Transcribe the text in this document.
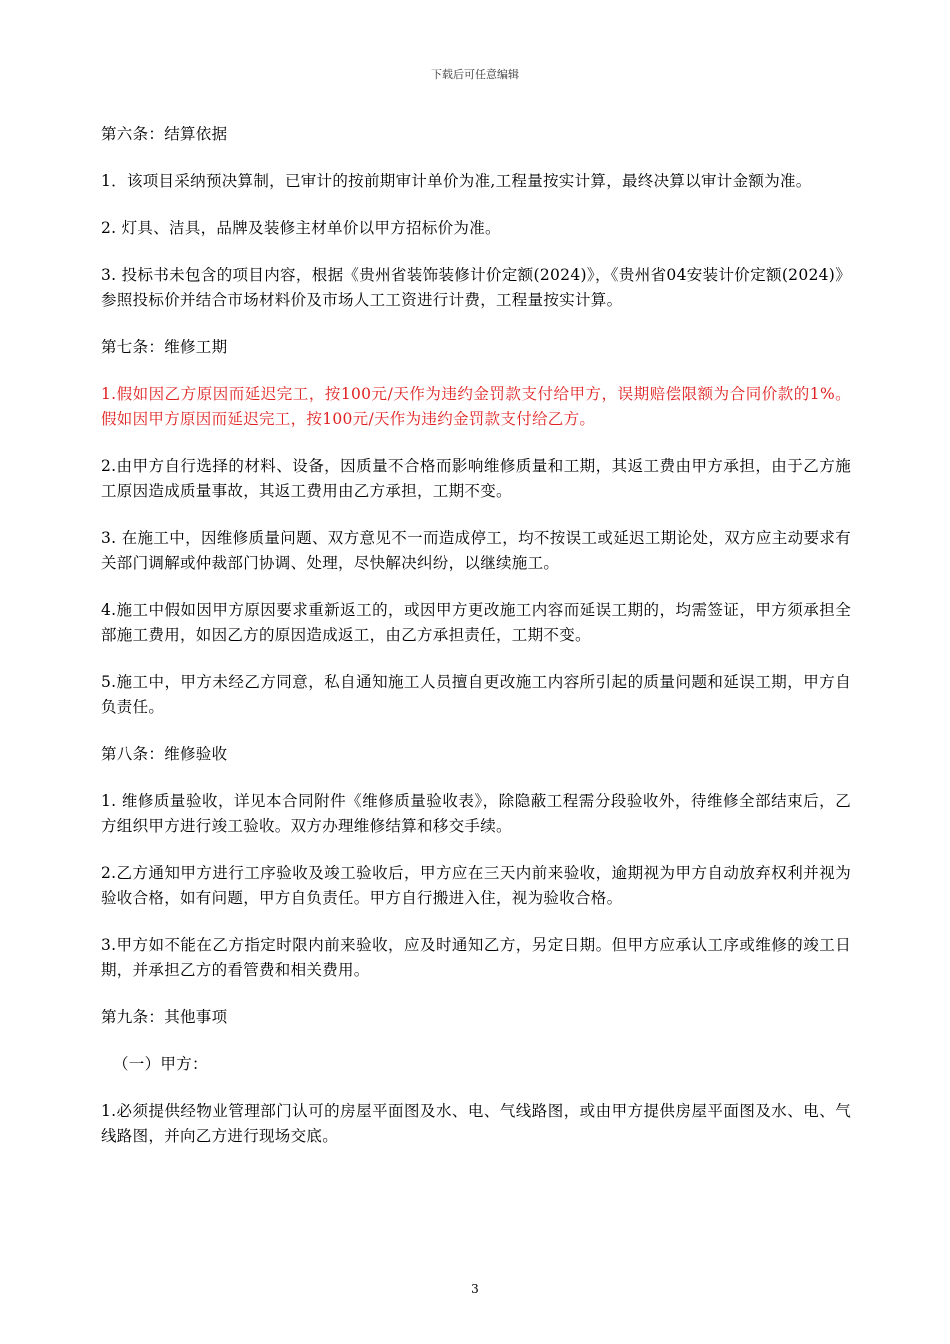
下载后可任意编辑

第六条：结算依据

1．该项目采纳预决算制，已审计的按前期审计单价为准,工程量按实计算，最终决算以审计金额为准。

2. 灯具、洁具，品牌及装修主材单价以甲方招标价为准。

3. 投标书未包含的项目内容，根据《贵州省装饰装修计价定额(2024)》，《贵州省04安装计价定额(2024)》参照投标价并结合市场材料价及市场人工工资进行计费，工程量按实计算。

第七条：维修工期

1.假如因乙方原因而延迟完工，按100元/天作为违约金罚款支付给甲方，误期赔偿限额为合同价款的1%。假如因甲方原因而延迟完工，按100元/天作为违约金罚款支付给乙方。

2.由甲方自行选择的材料、设备，因质量不合格而影响维修质量和工期，其返工费由甲方承担，由于乙方施工原因造成质量事故，其返工费用由乙方承担，工期不变。

3. 在施工中，因维修质量问题、双方意见不一而造成停工，均不按误工或延迟工期论处，双方应主动要求有关部门调解或仲裁部门协调、处理，尽快解决纠纷，以继续施工。

4.施工中假如因甲方原因要求重新返工的，或因甲方更改施工内容而延误工期的，均需签证，甲方须承担全部施工费用，如因乙方的原因造成返工，由乙方承担责任，工期不变。

5.施工中，甲方未经乙方同意，私自通知施工人员擅自更改施工内容所引起的质量问题和延误工期，甲方自负责任。

第八条：维修验收

1. 维修质量验收，详见本合同附件《维修质量验收表》，除隐蔽工程需分段验收外，待维修全部结束后，乙方组织甲方进行竣工验收。双方办理维修结算和移交手续。

2.乙方通知甲方进行工序验收及竣工验收后，甲方应在三天内前来验收，逾期视为甲方自动放弃权利并视为验收合格，如有问题，甲方自负责任。甲方自行搬进入住，视为验收合格。

3.甲方如不能在乙方指定时限内前来验收，应及时通知乙方，另定日期。但甲方应承认工序或维修的竣工日期，并承担乙方的看管费和相关费用。

第九条：其他事项

（一）甲方：

1.必须提供经物业管理部门认可的房屋平面图及水、电、气线路图，或由甲方提供房屋平面图及水、电、气线路图，并向乙方进行现场交底。

3
